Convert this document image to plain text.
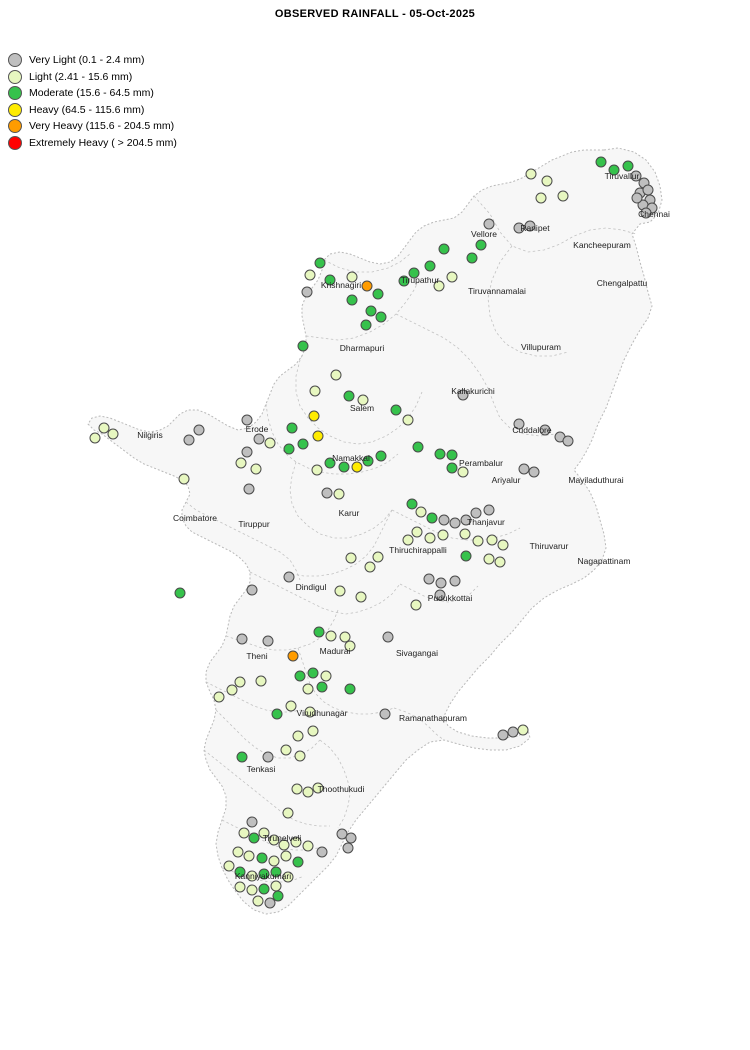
OBSERVED RAINFALL - 05-Oct-2025
Very Light (0.1 - 2.4 mm)
Light (2.41 - 15.6 mm)
Moderate (15.6 - 64.5 mm)
Heavy (64.5 - 115.6 mm)
Very Heavy (115.6 - 204.5 mm)
Extremely Heavy ( > 204.5 mm)
Tiruvallur
Chennai
Vellore
Ranipet
Kancheepuram
Krishnagiri	Tirupathur
Tiruvannamalai
Chengalpattu
Dharmapuri	Villupuram
Kallakurichi
Salem
Erode
Nilgiris	Cuddalore
Namakkal	Perambalur
Ariyalur	Mayiladuthurai
Coimbatore
Tiruppur
Karur
Thanjavur
Thiruvarur
Thiruchirappalli
Nagapattinam
Dindigul
Pudukkottai
Theni	Madurai	Sivagangai
Virudhunagar	Ramanathapuram
Tenkasi
Thoothukudi
Tirunelveli
Kanniyakumari
